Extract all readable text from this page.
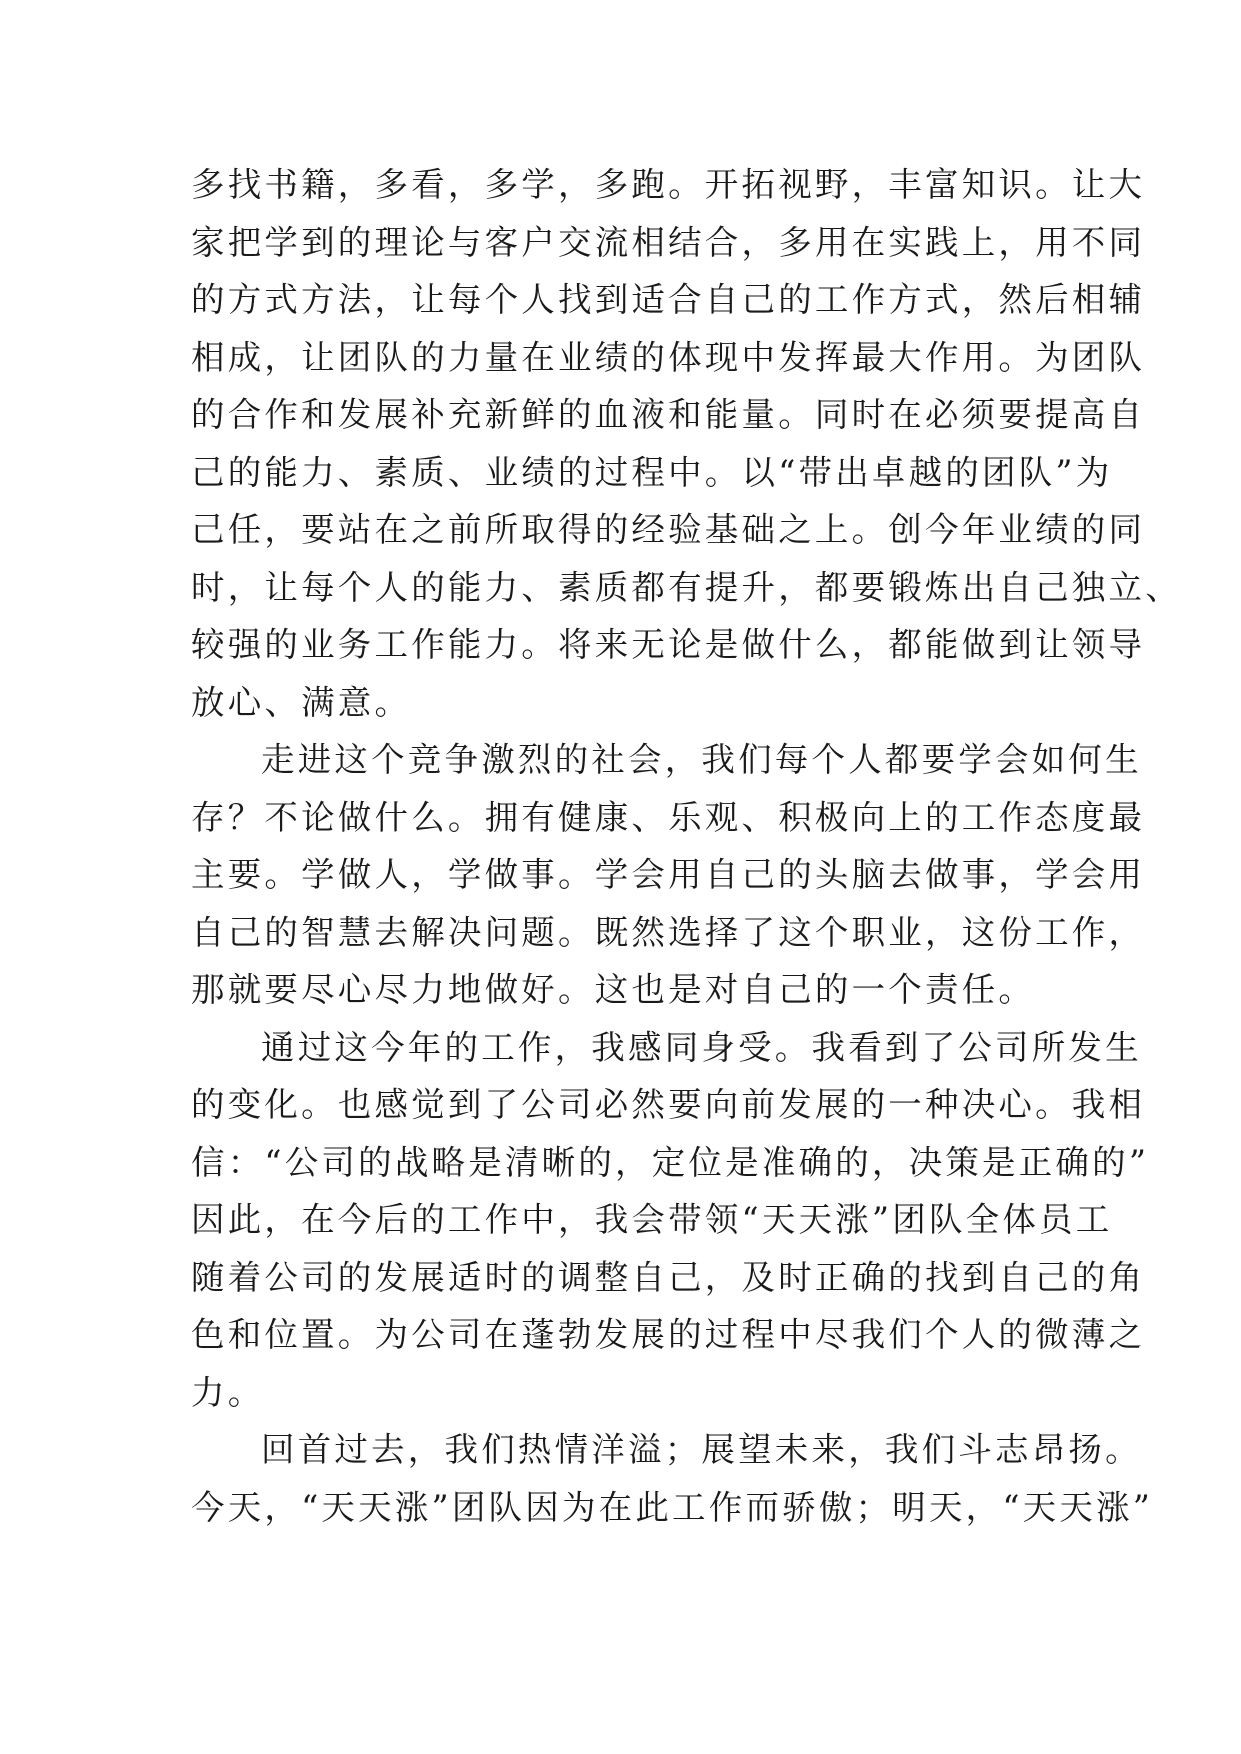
多找书籍，多看，多学，多跑。开拓视野，丰富知识。让大
家把学到的理论与客户交流相结合，多用在实践上，用不同
的方式方法，让每个人找到适合自己的工作方式，然后相辅
相成，让团队的力量在业绩的体现中发挥最大作用。为团队
的合作和发展补充新鲜的血液和能量。同时在必须要提高自
己的能力、素质、业绩的过程中。以“带出卓越的团队”为
己任，要站在之前所取得的经验基础之上。创今年业绩的同
时，让每个人的能力、素质都有提升，都要锻炼出自己独立、
较强的业务工作能力。将来无论是做什么，都能做到让领导
放心、满意。
走进这个竞争激烈的社会，我们每个人都要学会如何生
存？不论做什么。拥有健康、乐观、积极向上的工作态度最
主要。学做人，学做事。学会用自己的头脑去做事，学会用
自己的智慧去解决问题。既然选择了这个职业，这份工作，
那就要尽心尽力地做好。这也是对自己的一个责任。
通过这今年的工作，我感同身受。我看到了公司所发生
的变化。也感觉到了公司必然要向前发展的一种决心。我相
信：“公司的战略是清晰的，定位是准确的，决策是正确的”
因此，在今后的工作中，我会带领“天天涨”团队全体员工
随着公司的发展适时的调整自己，及时正确的找到自己的角
色和位置。为公司在蓬勃发展的过程中尽我们个人的微薄之
力。
回首过去，我们热情洋溢；展望未来，我们斗志昂扬。
今天，“天天涨”团队因为在此工作而骄傲；明天，“天天涨”
